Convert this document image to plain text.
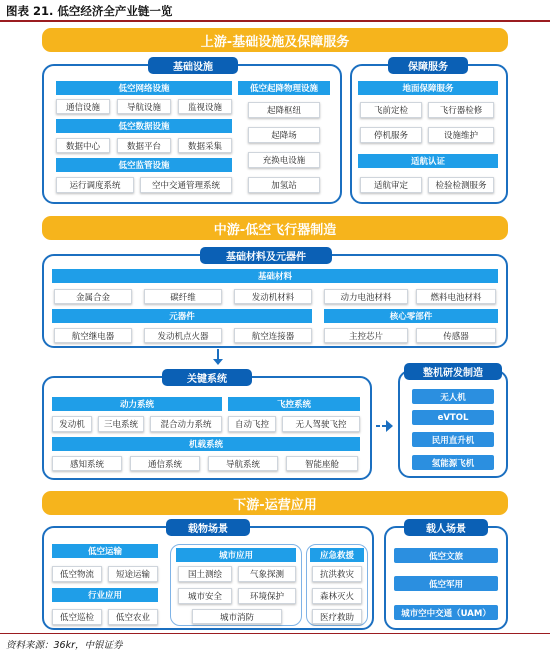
图表 21. 低空经济全产业链一览
上游-基础设施及保障服务
基础设施
低空网络设施
通信设施	导航设施	监视设施
低空数据设施
数据中心	数据平台	数据采集
低空监管设施
运行调度系统	空中交通管理系统
低空起降物理设施
起降枢纽
起降场
充换电设施
加氢站
保障服务
地面保障服务
飞前定检	飞行器检修
停机服务	设施维护
适航认证
适航审定	检验检测服务
中游-低空飞行器制造
基础材料及元器件
基础材料
金属合金	碳纤维	发动机材料	动力电池材料	燃料电池材料
元器件
航空继电器	发动机点火器	航空连接器
核心零部件
主控芯片	传感器
关键系统
动力系统
发动机	三电系统	混合动力系统
飞控系统
自动飞控	无人驾驶飞控
机载系统
感知系统	通信系统	导航系统	智能座舱
整机研发制造
无人机
eVTOL
民用直升机
氢能源飞机
下游-运营应用
载物场景
低空运输
低空物流	短途运输
行业应用
低空巡检	低空农业
城市应用
国土测绘	气象探测
城市安全	环境保护
城市消防
应急救援
抗洪救灾
森林灭火
医疗救助
载人场景
低空文旅
低空军用
城市空中交通（UAM）
资料来源：36kr，中银证券
